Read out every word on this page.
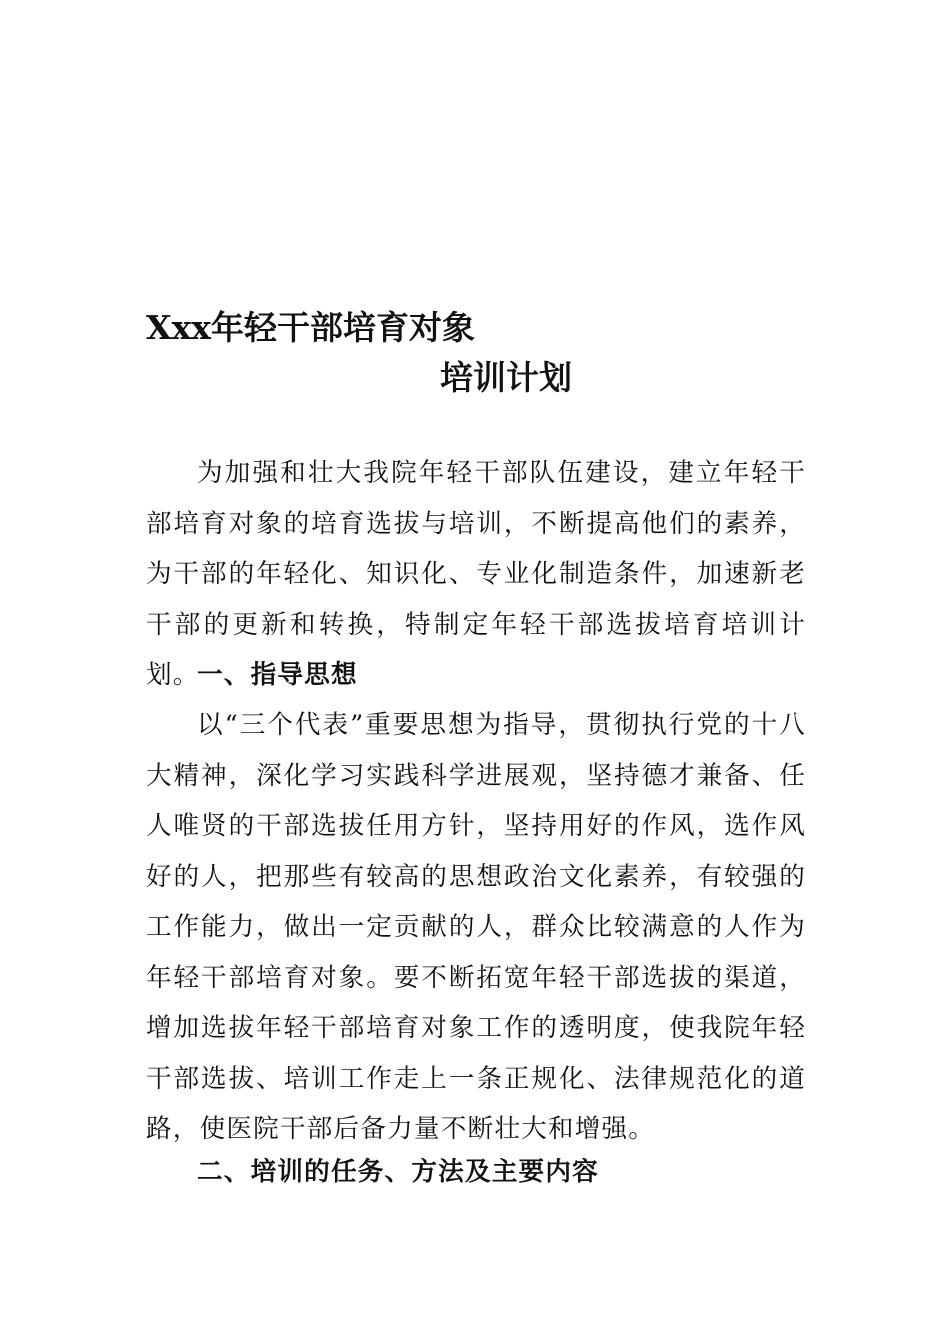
Xxx年轻干部培育对象
培训计划

为加强和壮大我院年轻干部队伍建设，建立年轻干部培育对象的培育选拔与培训，不断提高他们的素养，为干部的年轻化、知识化、专业化制造条件，加速新老干部的更新和转换，特制定年轻干部选拔培育培训计划。

一、指导思想

以“三个代表”重要思想为指导，贯彻执行党的十八大精神，深化学习实践科学进展观，坚持德才兼备、任人唯贤的干部选拔任用方针，坚持用好的作风，选作风好的人，把那些有较高的思想政治文化素养，有较强的工作能力，做出一定贡献的人，群众比较满意的人作为年轻干部培育对象。要不断拓宽年轻干部选拔的渠道，增加选拔年轻干部培育对象工作的透明度，使我院年轻干部选拔、培训工作走上一条正规化、法律规范化的道路，使医院干部后备力量不断壮大和增强。

二、培训的任务、方法及主要内容
